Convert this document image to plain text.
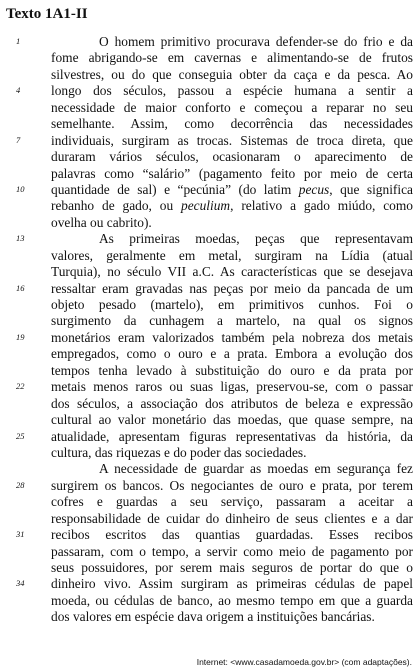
Texto 1A1-II
1	O homem primitivo procurava defender-se do frio e da
fome abrigando-se em cavernas e alimentando-se de frutos
silvestres, ou do que conseguia obter da caça e da pesca. Ao
4	longo dos séculos, passou a espécie humana a sentir a
necessidade de maior conforto e começou a reparar no seu
semelhante. Assim, como decorrência das necessidades
7	individuais, surgiram as trocas. Sistemas de troca direta, que
duraram vários séculos, ocasionaram o aparecimento de
palavras como “salário” (pagamento feito por meio de certa
10	quantidade de sal) e “pecúnia” (do latim pecus, que significa
rebanho de gado, ou peculium, relativo a gado miúdo, como
ovelha ou cabrito).
13	As primeiras moedas, peças que representavam
valores, geralmente em metal, surgiram na Lídia (atual
Turquia), no século VII a.C. As características que se desejava
16	ressaltar eram gravadas nas peças por meio da pancada de um
objeto pesado (martelo), em primitivos cunhos. Foi o
surgimento da cunhagem a martelo, na qual os signos
19	monetários eram valorizados também pela nobreza dos metais
empregados, como o ouro e a prata. Embora a evolução dos
tempos tenha levado à substituição do ouro e da prata por
22	metais menos raros ou suas ligas, preservou-se, com o passar
dos séculos, a associação dos atributos de beleza e expressão
cultural ao valor monetário das moedas, que quase sempre, na
25	atualidade, apresentam figuras representativas da história, da
cultura, das riquezas e do poder das sociedades.
A necessidade de guardar as moedas em segurança fez
28	surgirem os bancos. Os negociantes de ouro e prata, por terem
cofres e guardas a seu serviço, passaram a aceitar a
responsabilidade de cuidar do dinheiro de seus clientes e a dar
31	recibos escritos das quantias guardadas. Esses recibos
passaram, com o tempo, a servir como meio de pagamento por
seus possuidores, por serem mais seguros de portar do que o
34	dinheiro vivo. Assim surgiram as primeiras cédulas de papel
moeda, ou cédulas de banco, ao mesmo tempo em que a guarda
dos valores em espécie dava origem a instituições bancárias.
Internet: <www.casadamoeda.gov.br> (com adaptações).
